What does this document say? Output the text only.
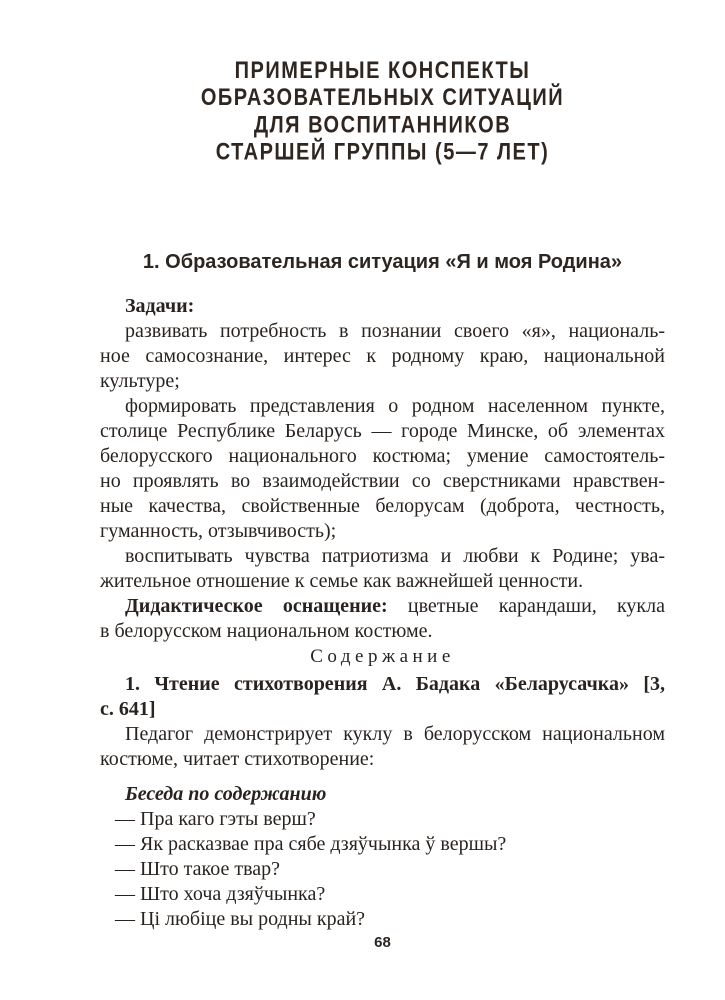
ПРИМЕРНЫЕ КОНСПЕКТЫ
ОБРАЗОВАТЕЛЬНЫХ СИТУАЦИЙ
ДЛЯ ВОСПИТАННИКОВ
СТАРШЕЙ ГРУППЫ (5—7 ЛЕТ)
1. Образовательная ситуация «Я и моя Родина»

Задачи:

развивать потребность в познании своего «я», националь-
ное самосознание, интерес к родному краю, национальной
культуре;
формировать представления о родном населенном пункте,
столице Республике Беларусь — городе Минске, об элементах
белорусского национального костюма; умение самостоятель-
но проявлять во взаимодействии со сверстниками нравствен-
ные качества, свойственные белорусам (доброта, честность,
гуманность, отзывчивость);
воспитывать чувства патриотизма и любви к Родине; ува-
жительное отношение к семье как важнейшей ценности.
Дидактическое оснащение: цветные карандаши, кукла
в белорусском национальном костюме.
Содержание
1. Чтение стихотворения А. Бадака «Беларусачка» [3,
с. 641]
Педагог демонстрирует куклу в белорусском национальном
костюме, читает стихотворение:

Беседа по содержанию

— Пра каго гэты верш?
— Як расказвае пра сябе дзяўчынка ў вершы?
— Што такое твар?
— Што хоча дзяўчынка?
— Ці любіце вы родны край?
68
